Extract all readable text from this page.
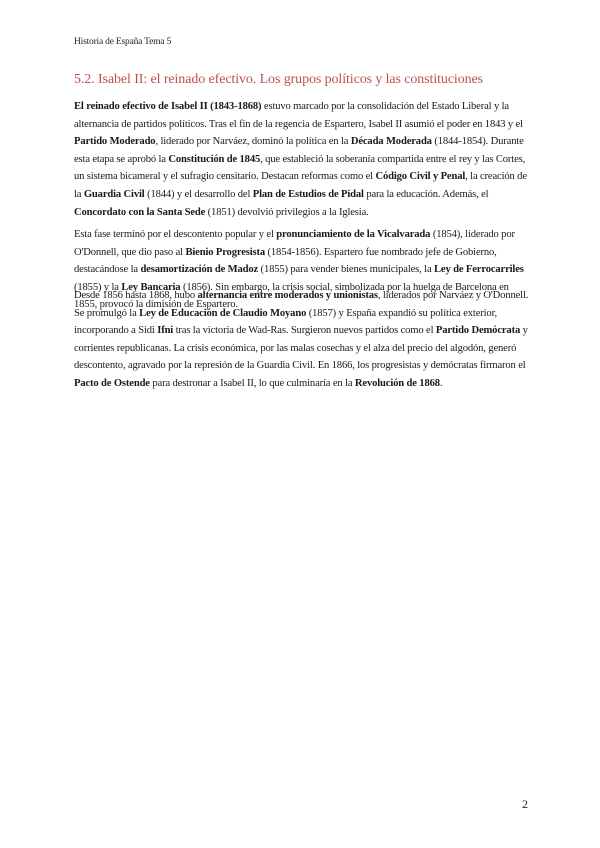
Historia de España Tema 5
5.2. Isabel II: el reinado efectivo. Los grupos políticos y las constituciones

El reinado efectivo de Isabel II (1843-1868) estuvo marcado por la consolidación del Estado Liberal y la alternancia de partidos políticos. Tras el fin de la regencia de Espartero, Isabel II asumió el poder en 1843 y el Partido Moderado, liderado por Narváez, dominó la política en la Década Moderada (1844-1854). Durante esta etapa se aprobó la Constitución de 1845, que estableció la soberanía compartida entre el rey y las Cortes, un sistema bicameral y el sufragio censitario. Destacan reformas como el Código Civil y Penal, la creación de la Guardia Civil (1844) y el desarrollo del Plan de Estudios de Pidal para la educación. Además, el Concordato con la Santa Sede (1851) devolvió privilegios a la Iglesia.

Esta fase terminó por el descontento popular y el pronunciamiento de la Vicalvarada (1854), liderado por O'Donnell, que dio paso al Bienio Progresista (1854-1856). Espartero fue nombrado jefe de Gobierno, destacándose la desamortización de Madoz (1855) para vender bienes municipales, la Ley de Ferrocarriles (1855) y la Ley Bancaria (1856). Sin embargo, la crisis social, simbolizada por la huelga de Barcelona en 1855, provocó la dimisión de Espartero.

Desde 1856 hasta 1868, hubo alternancia entre moderados y unionistas, liderados por Narváez y O'Donnell. Se promulgó la Ley de Educación de Claudio Moyano (1857) y España expandió su política exterior, incorporando a Sidi Ifni tras la victoria de Wad-Ras. Surgieron nuevos partidos como el Partido Demócrata y corrientes republicanas. La crisis económica, por las malas cosechas y el alza del precio del algodón, generó descontento, agravado por la represión de la Guardia Civil. En 1866, los progresistas y demócratas firmaron el Pacto de Ostende para destronar a Isabel II, lo que culminaría en la Revolución de 1868.

2
